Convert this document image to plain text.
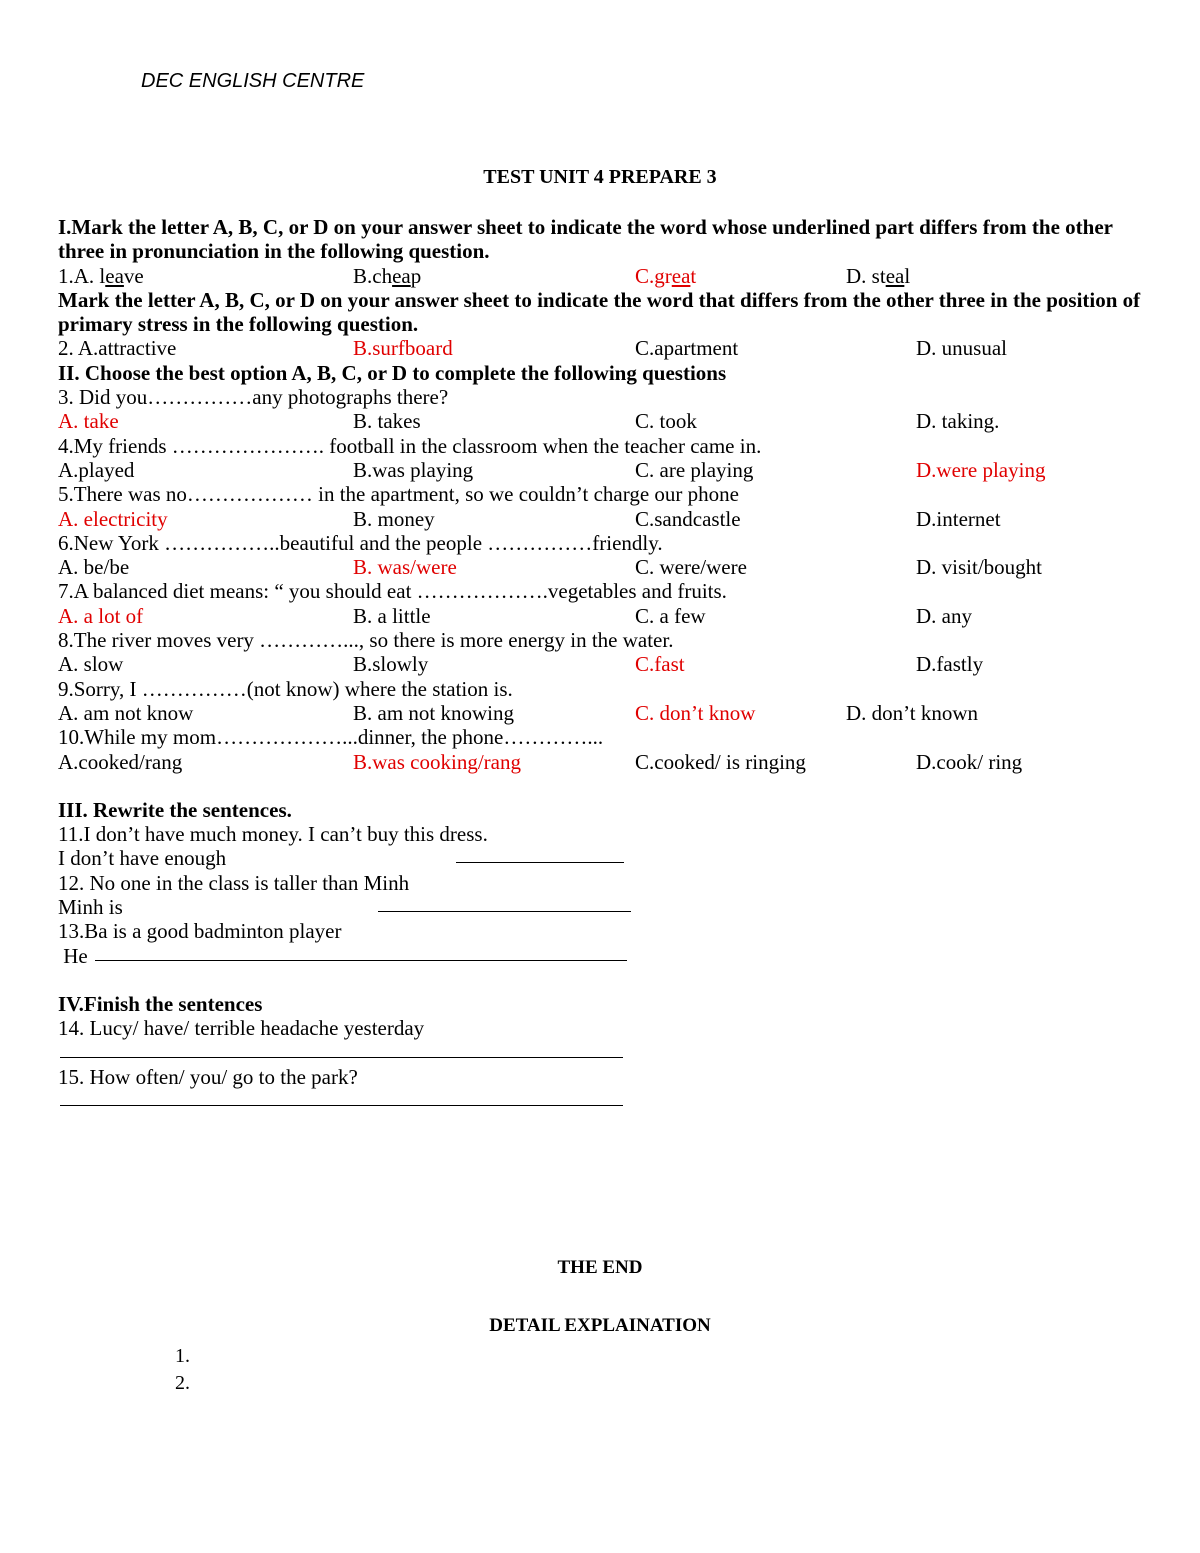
DEC ENGLISH CENTRE
TEST UNIT 4 PREPARE 3
I.Mark the letter A, B, C, or D on your answer sheet to indicate the word whose underlined part differs from the other three in pronunciation in the following question.
1.A. leave	B.cheap	C.great	D. steal
Mark the letter A, B, C, or D on your answer sheet to indicate the word that differs from the other three in the position of primary stress in the following question.
2. A.attractive	B.surfboard	C.apartment	D. unusual
II. Choose the best option A, B, C, or D to complete the following questions
3. Did you……………any photographs there?
A. take	B. takes	C. took	D. taking.
4.My friends …………………. football in the classroom when the teacher came in.
A.played	B.was playing	C. are playing	D.were playing
5.There was no……………… in the apartment, so we couldn’t charge our phone
A. electricity	B. money	C.sandcastle	D.internet
6.New York ……………..beautiful and the people ……………friendly.
A. be/be	B. was/were	C. were/were	D. visit/bought
7.A balanced diet means: “ you should eat ……………….vegetables and fruits.
A. a lot of	B. a little	C. a few	D. any
8.The river moves very …………..., so there is more energy in the water.
A. slow	B.slowly	C.fast	D.fastly
9.Sorry, I ……………(not know) where the station is.
A. am not know	B. am not knowing	C. don’t know	D. don’t known
10.While my mom………………...dinner, the phone…………...
A.cooked/rang	B.was cooking/rang	C.cooked/ is ringing	D.cook/ ring
III. Rewrite the sentences.
11.I don’t have much money. I can’t buy this dress.
I don’t have enough
12. No one in the class is taller than Minh
Minh is
13.Ba is a good badminton player
He
IV.Finish the sentences
14. Lucy/ have/ terrible headache yesterday
15. How often/ you/ go to the park?
THE END
DETAIL EXPLAINATION
1.
2.
